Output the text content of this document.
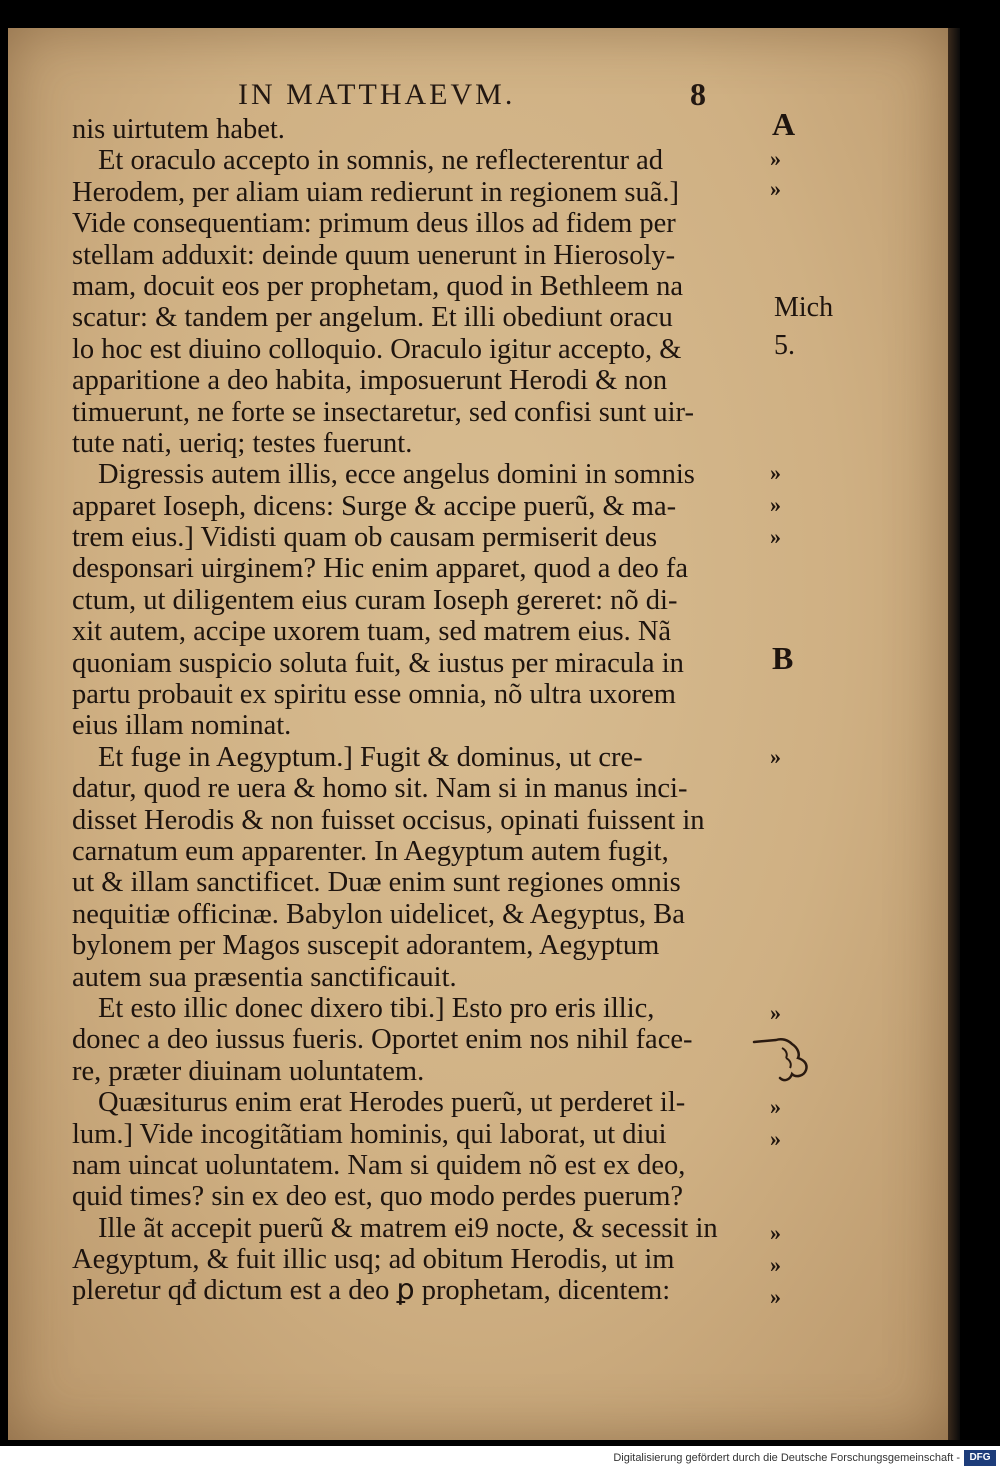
IN MATTHAEVM.	8
nis uirtutem habet.
Et oraculo accepto in somnis, ne reflecterentur ad
Herodem, per aliam uiam redierunt in regionem suã.]
Vide consequentiam: primum deus illos ad fidem per
stellam adduxit: deinde quum uenerunt in Hierosoly-
mam, docuit eos per prophetam, quod in Bethleem na
scatur: & tandem per angelum. Et illi obediunt oracu
lo hoc est diuino colloquio. Oraculo igitur accepto, &
apparitione a deo habita, imposuerunt Herodi & non
timuerunt, ne forte se insectaretur, sed confisi sunt uir-
tute nati, ueriq; testes fuerunt.
Digressis autem illis, ecce angelus domini in somnis
apparet Ioseph, dicens: Surge & accipe puerũ, & ma-
trem eius.] Vidisti quam ob causam permiserit deus
desponsari uirginem? Hic enim apparet, quod a deo fa
ctum, ut diligentem eius curam Ioseph gereret: nõ di-
xit autem, accipe uxorem tuam, sed matrem eius. Nã
quoniam suspicio soluta fuit, & iustus per miracula in
partu probauit ex spiritu esse omnia, nõ ultra uxorem
eius illam nominat.
Et fuge in Aegyptum.] Fugit & dominus, ut cre-
datur, quod re uera & homo sit. Nam si in manus inci-
disset Herodis & non fuisset occisus, opinati fuissent in
carnatum eum apparenter. In Aegyptum autem fugit,
ut & illam sanctificet. Duæ enim sunt regiones omnis
nequitiæ officinæ. Babylon uidelicet, & Aegyptus, Ba
bylonem per Magos suscepit adorantem, Aegyptum
autem sua præsentia sanctificauit.
Et esto illic donec dixero tibi.] Esto pro eris illic,
donec a deo iussus fueris. Oportet enim nos nihil face-
re, præter diuinam uoluntatem.
Quæsiturus enim erat Herodes puerũ, ut perderet il-
lum.] Vide incogitãtiam hominis, qui laborat, ut diui
nam uincat uoluntatem. Nam si quidem nõ est ex deo,
quid times? sin ex deo est, quo modo perdes puerum?
Ille ãt accepit puerũ & matrem ei9 nocte, & secessit in
Aegyptum, & fuit illic usq; ad obitum Herodis, ut im
pleretur qđ dictum est a deo ꝑ prophetam, dicentem:
A
Mich
5.
B
»
»
»
»
»
»
»
»
»
»
»
»
Digitalisierung gefördert durch die Deutsche Forschungsgemeinschaft - DFG
